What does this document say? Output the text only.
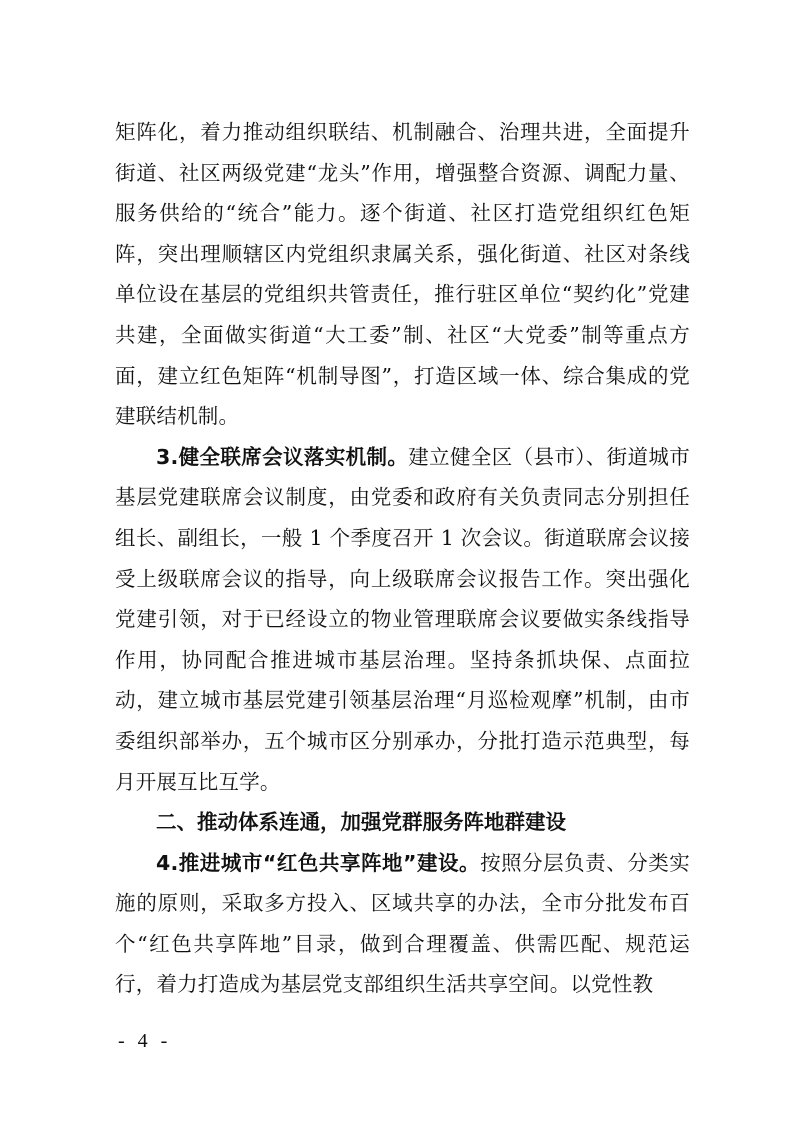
矩阵化，着力推动组织联结、机制融合、治理共进，全面提升街道、社区两级党建“龙头”作用，增强整合资源、调配力量、服务供给的“统合”能力。逐个街道、社区打造党组织红色矩阵，突出理顺辖区内党组织隶属关系，强化街道、社区对条线单位设在基层的党组织共管责任，推行驻区单位“契约化”党建共建，全面做实街道“大工委”制、社区“大党委”制等重点方面，建立红色矩阵“机制导图”，打造区域一体、综合集成的党建联结机制。

3.健全联席会议落实机制。建立健全区（县市）、街道城市基层党建联席会议制度，由党委和政府有关负责同志分别担任组长、副组长，一般 1 个季度召开 1 次会议。街道联席会议接受上级联席会议的指导，向上级联席会议报告工作。突出强化党建引领，对于已经设立的物业管理联席会议要做实条线指导作用，协同配合推进城市基层治理。坚持条抓块保、点面拉动，建立城市基层党建引领基层治理“月巡检观摩”机制，由市委组织部举办，五个城市区分别承办，分批打造示范典型，每月开展互比互学。

二、推动体系连通，加强党群服务阵地群建设

4.推进城市“红色共享阵地”建设。按照分层负责、分类实施的原则，采取多方投入、区域共享的办法，全市分批发布百个“红色共享阵地”目录，做到合理覆盖、供需匹配、规范运行，着力打造成为基层党支部组织生活共享空间。以党性教

- 4 -
